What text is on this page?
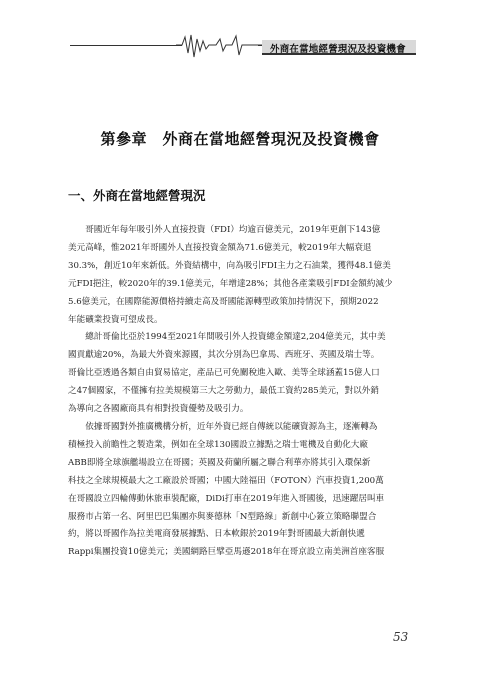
外商在當地經營現況及投資機會
第參章　外商在當地經營現況及投資機會
一、外商在當地經營現況

　　哥國近年每年吸引外人直接投資（FDI）均逾百億美元，2019年更創下143億

美元高峰，惟2021年哥國外人直接投資金額為71.6億美元，較2019年大幅衰退

30.3%，創近10年來新低。外資結構中，向為吸引FDI主力之石油業，獲得48.1億美

元FDI挹注，較2020年的39.1億美元，年增達28%；其他各產業吸引FDI金額約減少

5.6億美元，在國際能源價格持續走高及哥國能源轉型政策加持情況下，預期2022

年能礦業投資可望成長。

　　總計哥倫比亞於1994至2021年間吸引外人投資總金額達2,204億美元，其中美

國貢獻逾20%，為最大外資來源國，其次分別為巴拿馬、西班牙、英國及瑞士等。

哥倫比亞透過各類自由貿易協定，產品已可免關稅進入歐、美等全球涵蓋15億人口

之47個國家，不僅擁有拉美規模第三大之勞動力，最低工資約285美元，對以外銷

為導向之各國廠商具有相對投資優勢及吸引力。

　　依據哥國對外推廣機構分析，近年外資已經自傳統以能礦資源為主，逐漸轉為

積極投入前瞻性之製造業，例如在全球130國設立據點之瑞士電機及自動化大廠

ABB即將全球旗艦場設立在哥國；英國及荷蘭所屬之聯合利華亦將其引入環保新

科技之全球規模最大之工廠設於哥國；中國大陸福田（FOTON）汽車投資1,200萬

在哥國設立四輪傳動休旅車裝配廠，DiDi打車在2019年進入哥國後，迅速躍居叫車

服務市占第一名、阿里巴巴集團亦與麥德林「N型路線」新創中心簽立策略聯盟合

約，將以哥國作為拉美電商發展據點、日本軟銀於2019年對哥國最大新創快遞

Rappi集團投資10億美元；美國網路巨擘亞馬遜2018年在哥京設立南美洲首座客服

53
